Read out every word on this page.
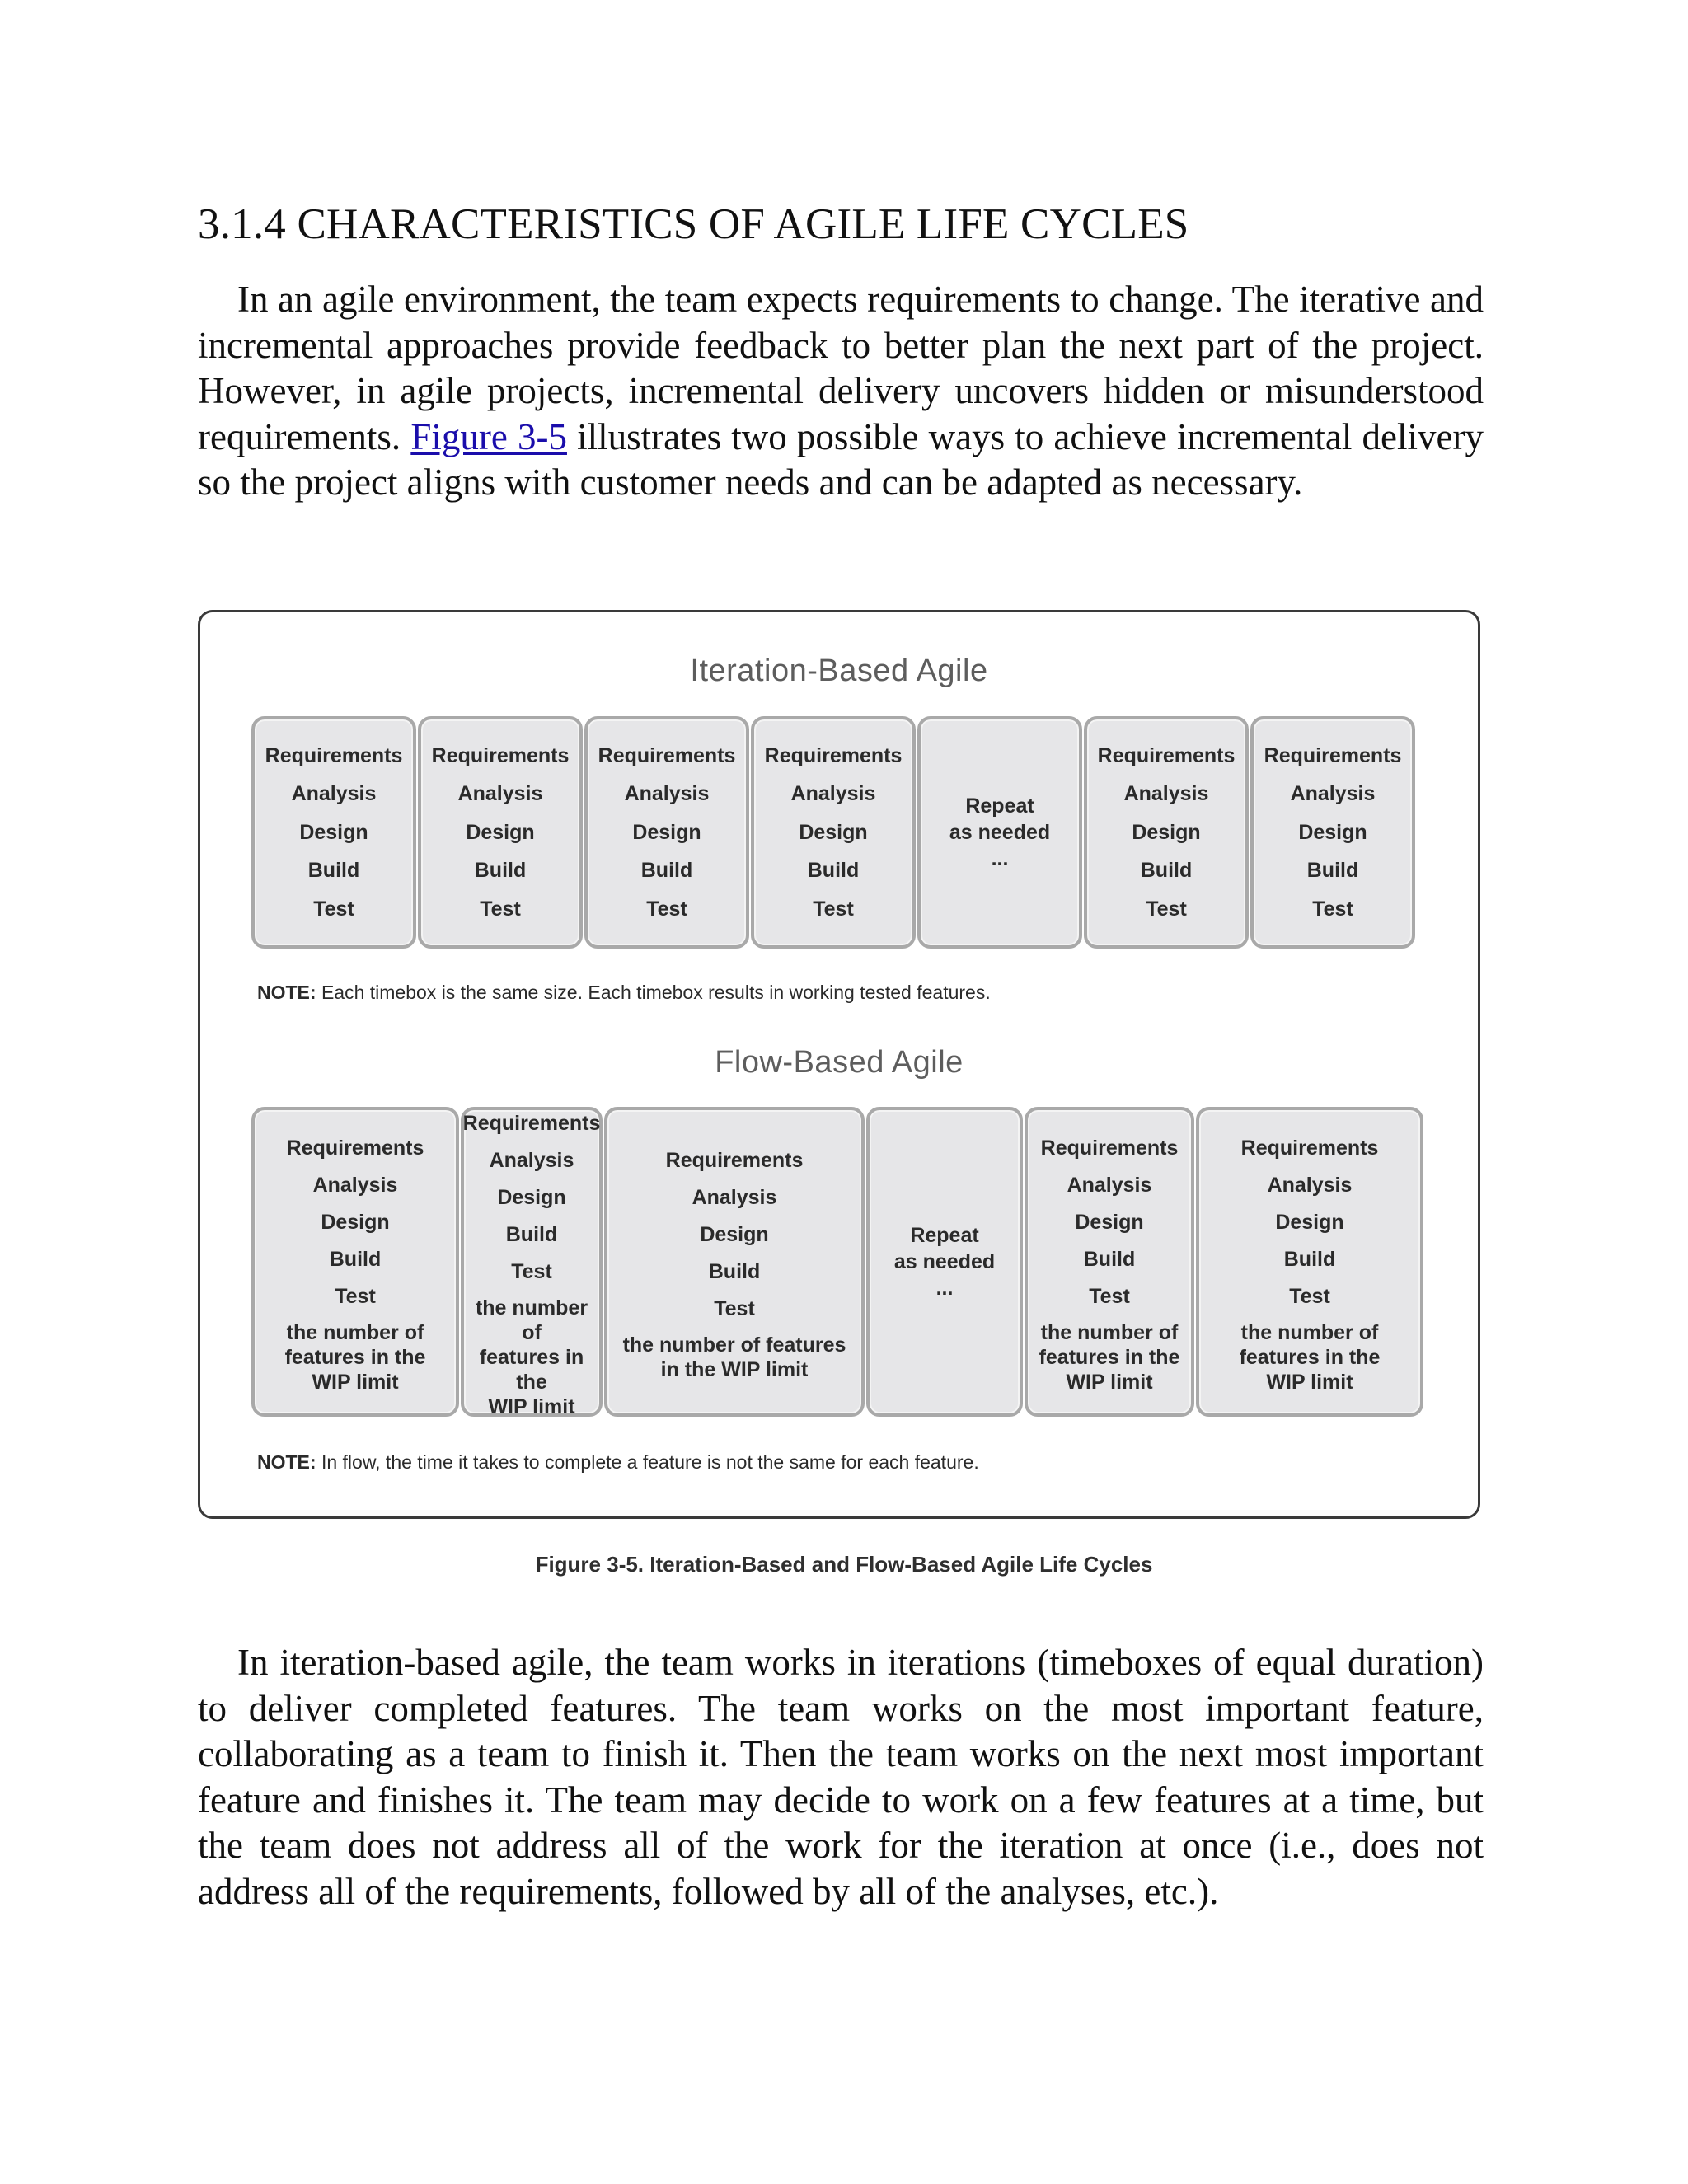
3.1.4 CHARACTERISTICS OF AGILE LIFE CYCLES

In an agile environment, the team expects requirements to change. The iterative and incremental approaches provide feedback to better plan the next part of the project. However, in agile projects, incremental delivery uncovers hidden or misunderstood requirements. Figure 3-5 illustrates two possible ways to achieve incremental delivery so the project aligns with customer needs and can be adapted as necessary.

Iteration-Based Agile
Requirements
Analysis
Design
Build
Test
Requirements
Analysis
Design
Build
Test
Requirements
Analysis
Design
Build
Test
Requirements
Analysis
Design
Build
Test
Repeat
as needed
...
Requirements
Analysis
Design
Build
Test
Requirements
Analysis
Design
Build
Test
NOTE: Each timebox is the same size. Each timebox results in working tested features.
Flow-Based Agile
Requirements
Analysis
Design
Build
Test
the number of
features in the
WIP limit
Requirements
Analysis
Design
Build
Test
the number of
features in the
WIP limit
Requirements
Analysis
Design
Build
Test
the number of features
in the WIP limit
Repeat
as needed
...
Requirements
Analysis
Design
Build
Test
the number of
features in the
WIP limit
Requirements
Analysis
Design
Build
Test
the number of
features in the
WIP limit
NOTE: In flow, the time it takes to complete a feature is not the same for each feature.
Figure 3-5. Iteration-Based and Flow-Based Agile Life Cycles

In iteration-based agile, the team works in iterations (timeboxes of equal duration) to deliver completed features. The team works on the most important feature, collaborating as a team to finish it. Then the team works on the next most important feature and finishes it. The team may decide to work on a few features at a time, but the team does not address all of the work for the iteration at once (i.e., does not address all of the requirements, followed by all of the analyses, etc.).
